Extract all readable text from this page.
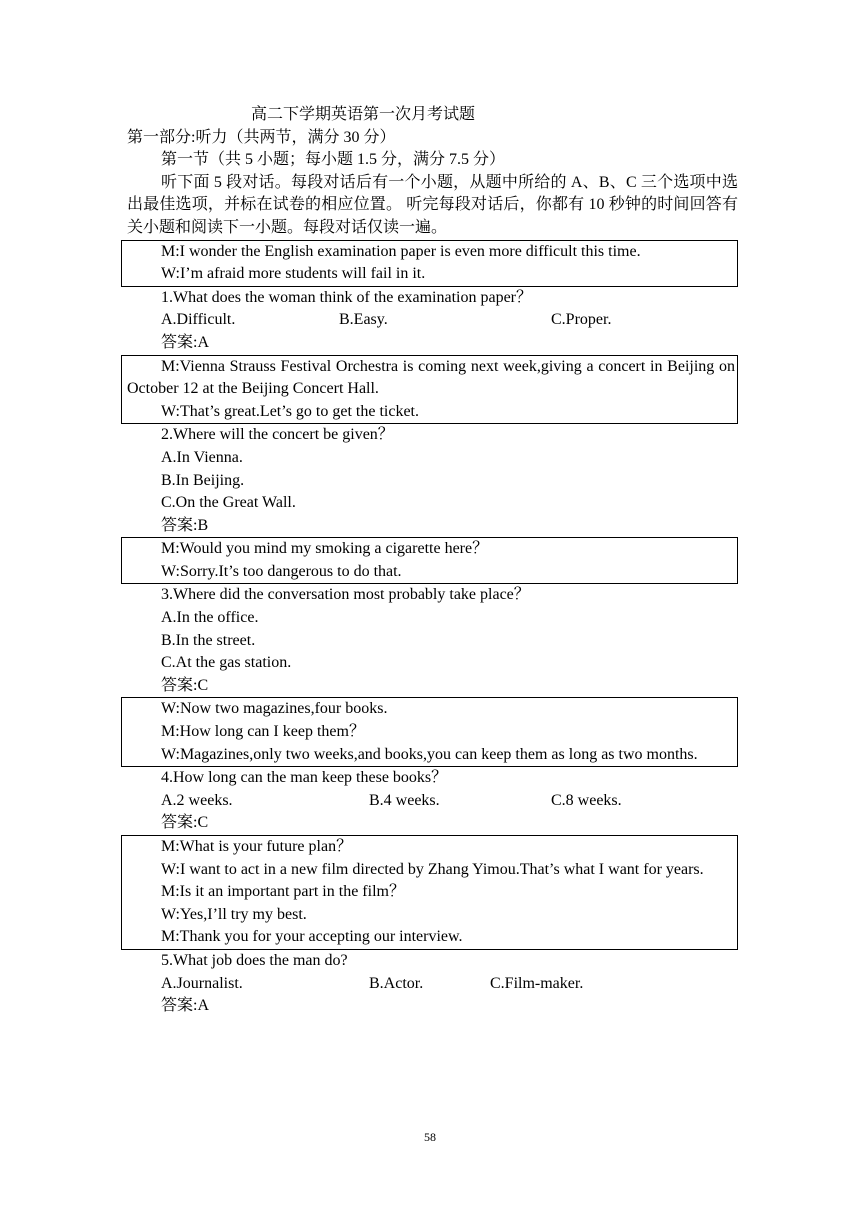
高二下学期英语第一次月考试题
第一部分:听力（共两节，满分 30 分）
第一节（共 5 小题；每小题 1.5 分，满分 7.5 分）
听下面 5 段对话。每段对话后有一个小题，从题中所给的 A、B、C 三个选项中选出最佳选项，并标在试卷的相应位置。 听完每段对话后，你都有 10 秒钟的时间回答有关小题和阅读下一小题。每段对话仅读一遍。
M:I wonder the English examination paper is even more difficult this time.
W:I’m afraid more students will fail in it.
1.What does the woman think of the examination paper？
A.Difficult.	B.Easy.	C.Proper.
答案:A
M:Vienna Strauss Festival Orchestra is coming next week,giving a concert in Beijing on October 12 at the Beijing Concert Hall.
W:That’s great.Let’s go to get the ticket.
2.Where will the concert be given？
A.In Vienna.
B.In Beijing.
C.On the Great Wall.
答案:B
M:Would you mind my smoking a cigarette here？
W:Sorry.It’s too dangerous to do that.
3.Where did the conversation most probably take place？
A.In the office.
B.In the street.
C.At the gas station.
答案:C
W:Now two magazines,four books.
M:How long can I keep them？
W:Magazines,only two weeks,and books,you can keep them as long as two months.
4.How long can the man keep these books？
A.2 weeks.	B.4 weeks.	C.8 weeks.
答案:C
M:What is your future plan？
W:I want to act in a new film directed by Zhang Yimou.That’s what I want for years.
M:Is it an important part in the film？
W:Yes,I’ll try my best.
M:Thank you for your accepting our interview.
5.What job does the man do?
A.Journalist.	B.Actor.	C.Film-maker.
答案:A
58
